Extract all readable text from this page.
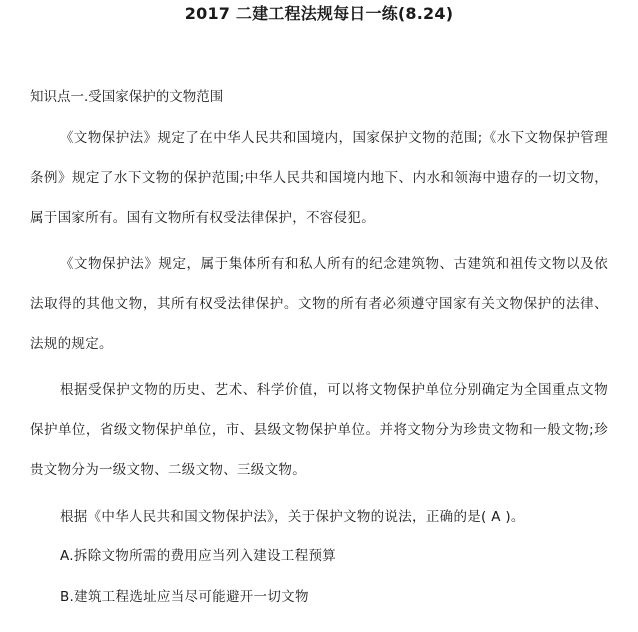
2017 二建工程法规每日一练(8.24)
知识点一.受国家保护的文物范围

《文物保护法》规定了在中华人民共和国境内，国家保护文物的范围;《水下文物保护管理条例》规定了水下文物的保护范围;中华人民共和国境内地下、内水和领海中遗存的一切文物，属于国家所有。国有文物所有权受法律保护，不容侵犯。

《文物保护法》规定，属于集体所有和私人所有的纪念建筑物、古建筑和祖传文物以及依法取得的其他文物，其所有权受法律保护。文物的所有者必须遵守国家有关文物保护的法律、法规的规定。

根据受保护文物的历史、艺术、科学价值，可以将文物保护单位分别确定为全国重点文物保护单位，省级文物保护单位，市、县级文物保护单位。并将文物分为珍贵文物和一般文物;珍贵文物分为一级文物、二级文物、三级文物。

根据《中华人民共和国文物保护法》，关于保护文物的说法，正确的是( A )。
A.拆除文物所需的费用应当列入建设工程预算
B.建筑工程选址应当尽可能避开一切文物
